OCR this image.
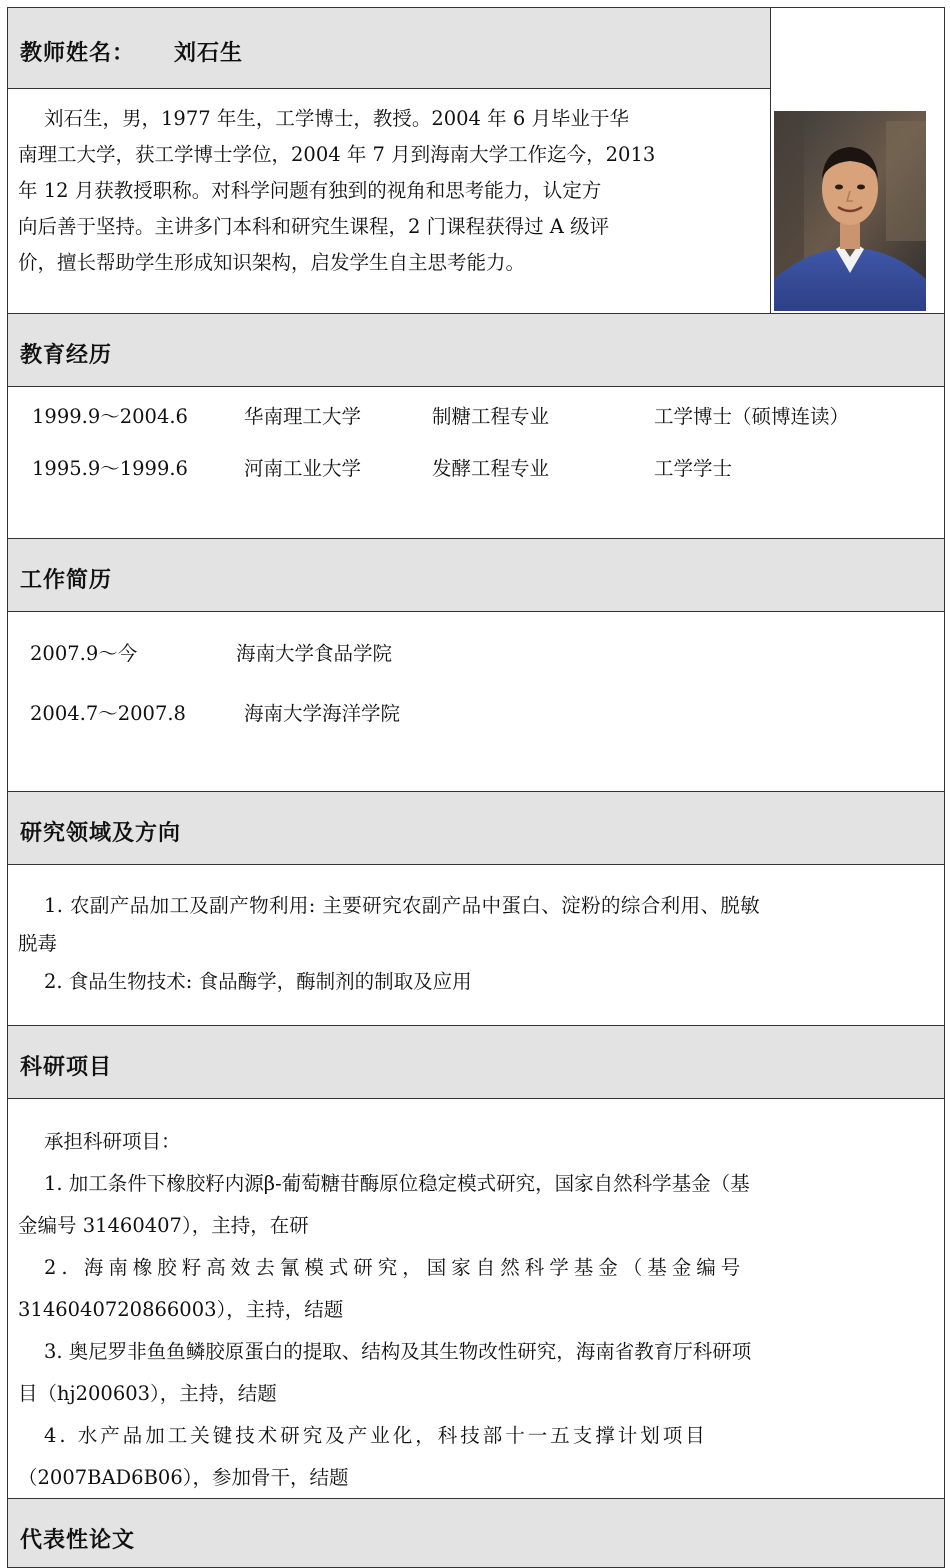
教师姓名： 刘石生
刘石生，男，1977 年生，工学博士，教授。2004 年 6 月毕业于华
南理工大学，获工学博士学位，2004 年 7 月到海南大学工作迄今，2013
年 12 月获教授职称。对科学问题有独到的视角和思考能力，认定方
向后善于坚持。主讲多门本科和研究生课程，2 门课程获得过 A 级评
价，擅长帮助学生形成知识架构，启发学生自主思考能力。
教育经历
1999.9～2004.6	华南理工大学	制糖工程专业	工学博士（硕博连读）
1995.9～1999.6	河南工业大学	发酵工程专业	工学学士
工作简历
2007.9～今	海南大学食品学院
2004.7～2007.8	海南大学海洋学院
研究领域及方向
1. 农副产品加工及副产物利用: 主要研究农副产品中蛋白、淀粉的综合利用、脱敏
脱毒
2. 食品生物技术: 食品酶学，酶制剂的制取及应用
科研项目
承担科研项目：
1. 加工条件下橡胶籽内源β-葡萄糖苷酶原位稳定模式研究，国家自然科学基金（基
金编号 31460407），主持，在研
2. 海南橡胶籽高效去氰模式研究，国家自然科学基金（基金编号
3146040720866003），主持，结题
3. 奥尼罗非鱼鱼鳞胶原蛋白的提取、结构及其生物改性研究，海南省教育厅科研项
目（hj200603），主持，结题
4. 水产品加工关键技术研究及产业化，科技部十一五支撑计划项目
（2007BAD6B06），参加骨干，结题
代表性论文
